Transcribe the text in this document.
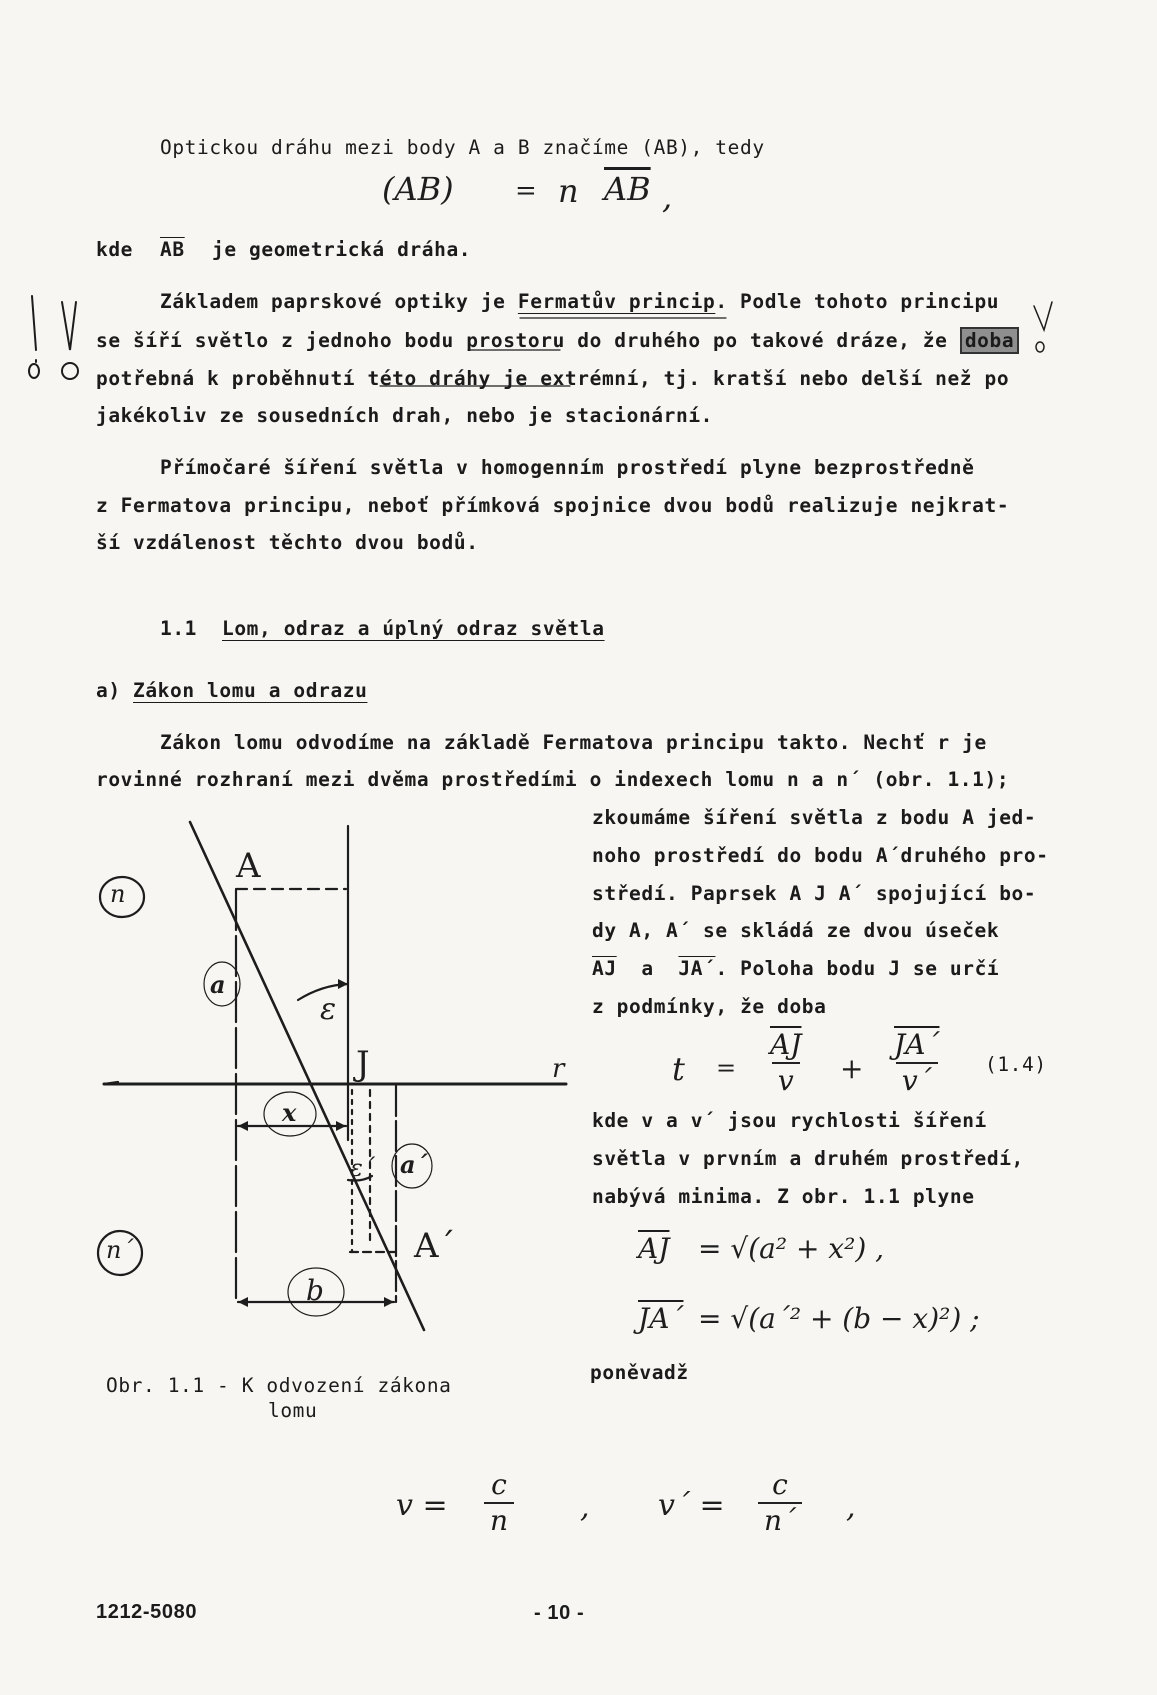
Optickou dráhu mezi body A a B značíme (AB), tedy
(AB) = n $\overline{AB}$ ,
kde $\overline{AB}$ je geometrická dráha.
Základem paprskové optiky je Fermatův princip. Podle tohoto principu
se šíří světlo z jednoho bodu prostoru do druhého po takové dráze, že doba
potřebná k proběhnutí této dráhy je extrémní, tj. kratší nebo delší než po
jakékoliv ze sousedních drah, nebo je stacionární.
Přímočaré šíření světla v homogenním prostředí plyne bezprostředně
z Fermatova principu, neboť přímková spojnice dvou bodů realizuje nejkrat-
ší vzdálenost těchto dvou bodů.
1.1 Lom, odraz a úplný odraz světla
a) Zákon lomu a odrazu
Zákon lomu odvodíme na základě Fermatova principu takto. Nechť r je
rovinné rozhraní mezi dvěma prostředími o indexech lomu n a n´ (obr. 1.1);
zkoumáme šíření světla z bodu A jed-
noho prostředí do bodu A´druhého pro-
středí. Paprsek A J A´ spojující bo-
dy A, A´ se skládá ze dvou úseček
$\overline{AJ}$ a JA´. Poloha bodu J se určí
z podmínky, že doba
$t = \frac{\overline{AJ}}{v} + \frac{JA´}{v´} (1.4)$
kde v a v´ jsou rychlosti šíření
světla v prvním a druhém prostředí,
nabývá minima. Z obr. 1.1 plyne
$\overline{AJ} = √(a^2 + x^2)$ ,
JA´ = √(a´² + (b − x)²) ;
poněvadž
$v = \frac{c}{n}$ , v´ = $\frac{c}{n´}$ ,
A
A´
J	r
a
a´
b
x
ε
ε´
n
n´
Obr. 1.1 - K odvození zákona
lomu
1212-5080	- 10 -
